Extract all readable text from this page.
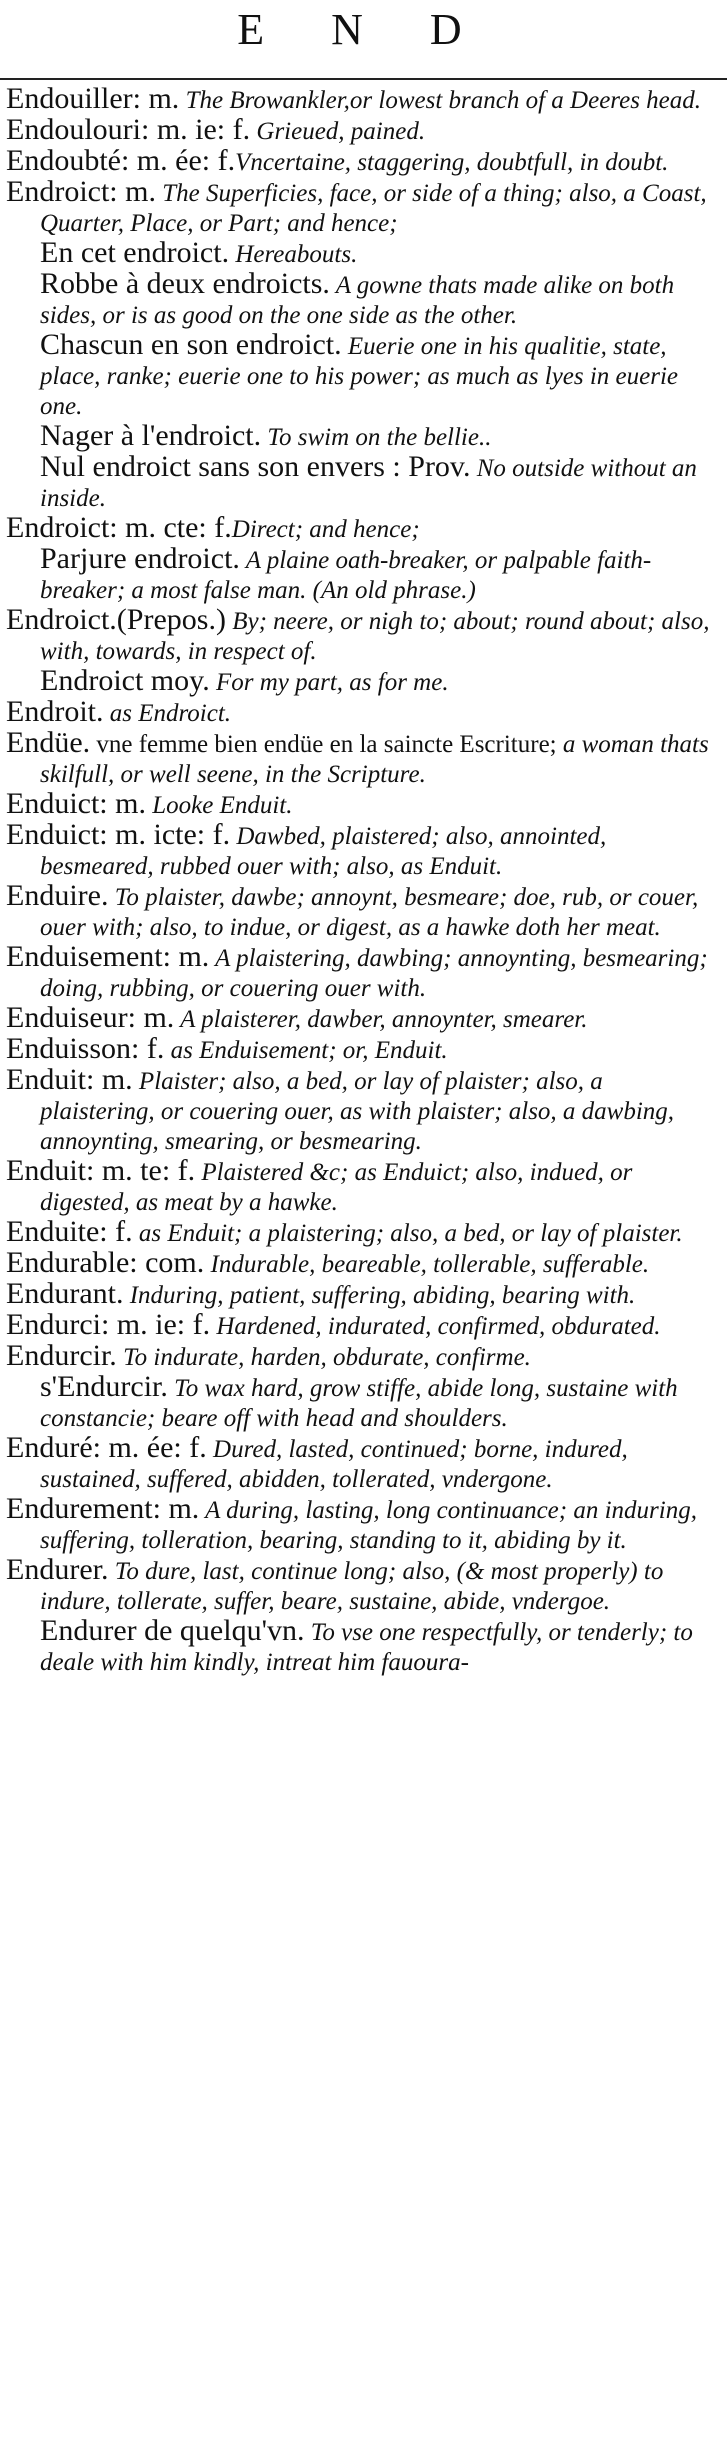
E N D

Endouiller: m. The Browankler,or lowest branch of a Deeres head.

Endoulouri: m. ie: f. Grieued, pained.

Endoubté: m. ée: f.Vncertaine, staggering, doubtfull, in doubt.

Endroict: m. The Superficies, face, or side of a thing; also, a Coast, Quarter, Place, or Part; and hence;

En cet endroict. Hereabouts.

Robbe à deux endroicts. A gowne thats made alike on both sides, or is as good on the one side as the other.

Chascun en son endroict. Euerie one in his qualitie, state, place, ranke; euerie one to his power; as much as lyes in euerie one.

Nager à l'endroict. To swim on the bellie..

Nul endroict sans son envers : Prov. No outside without an inside.

Endroict: m. cte: f.Direct; and hence;

Parjure endroict. A plaine oath-breaker, or palpable faith-breaker; a most false man. (An old phrase.)

Endroict.(Prepos.) By; neere, or nigh to; about; round about; also, with, towards, in respect of.

Endroict moy. For my part, as for me.

Endroit. as Endroict.

Endüe. vne femme bien endüe en la saincte Escriture; a woman thats skilfull, or well seene, in the Scripture.

Enduict: m. Looke Enduit.

Enduict: m. icte: f. Dawbed, plaistered; also, annointed, besmeared, rubbed ouer with; also, as Enduit.

Enduire. To plaister, dawbe; annoynt, besmeare; doe, rub, or couer, ouer with; also, to indue, or digest, as a hawke doth her meat.

Enduisement: m. A plaistering, dawbing; annoynting, besmearing; doing, rubbing, or couering ouer with.

Enduiseur: m. A plaisterer, dawber, annoynter, smearer.

Enduisson: f. as Enduisement; or, Enduit.

Enduit: m. Plaister; also, a bed, or lay of plaister; also, a plaistering, or couering ouer, as with plaister; also, a dawbing, annoynting, smearing, or besmearing.

Enduit: m. te: f. Plaistered &c; as Enduict; also, indued, or digested, as meat by a hawke.

Enduite: f. as Enduit; a plaistering; also, a bed, or lay of plaister.

Endurable: com. Indurable, beareable, tollerable, sufferable.

Endurant. Induring, patient, suffering, abiding, bearing with.

Endurci: m. ie: f. Hardened, indurated, confirmed, obdurated.

Endurcir. To indurate, harden, obdurate, confirme.

s'Endurcir. To wax hard, grow stiffe, abide long, sustaine with constancie; beare off with head and shoulders.

Enduré: m. ée: f. Dured, lasted, continued; borne, indured, sustained, suffered, abidden, tollerated, vndergone.

Endurement: m. A during, lasting, long continuance; an induring, suffering, tolleration, bearing, standing to it, abiding by it.

Endurer. To dure, last, continue long; also, (& most properly) to indure, tollerate, suffer, beare, sustaine, abide, vndergoe.

Endurer de quelqu'vn. To vse one respectfully, or tenderly; to deale with him kindly, intreat him fauoura-
